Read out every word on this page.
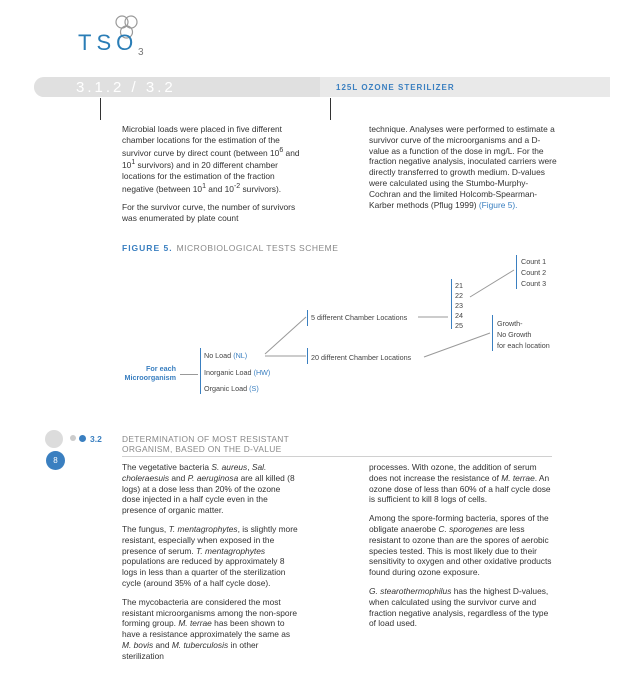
TSO 3
3.1.2 / 3.2	125L OZONE STERILIZER

Microbial loads were placed in five different chamber locations for the estimation of the survivor curve by direct count (between $10^6$ and $10^1$ survivors) and in 20 different chamber locations for the estimation of the fraction negative (between $10^1$ and $10^{-2}$ survivors).

For the survivor curve, the number of survivors was enumerated by plate count

technique. Analyses were performed to estimate a survivor curve of the microorganisms and a D-value as a function of the dose in mg/L. For the fraction negative analysis, inoculated carriers were directly transferred to growth medium. D-values were calculated using the Stumbo-Murphy-Cochran and the limited Holcomb-Spearman-Karber methods (Pflug 1999) (Figure 5).

FIGURE 5. MICROBIOLOGICAL TESTS SCHEME
For each
Microorganism
No Load (NL)
Inorganic Load (HW)
Organic Load (S)
5 different Chamber Locations
20 different Chamber Locations
21
22
23
24
25
Count 1
Count 2
Count 3
Growth-
No Growth
for each location
3.2 DETERMINATION OF MOST RESISTANT
ORGANISM, BASED ON THE D-VALUE
8

The vegetative bacteria S. aureus, Sal. choleraesuis and P. aeruginosa are all killed (8 logs) at a dose less than 20% of the ozone dose injected in a half cycle even in the presence of organic matter.

The fungus, T. mentagrophytes, is slightly more resistant, especially when exposed in the presence of serum. T. mentagrophytes populations are reduced by approximately 8 logs in less than a quarter of the sterilization cycle (around 35% of a half cycle dose).

The mycobacteria are considered the most resistant microorganisms among the non-spore forming group. M. terrae has been shown to have a resistance approximately the same as M. bovis and M. tuberculosis in other sterilization

processes. With ozone, the addition of serum does not increase the resistance of M. terrae. An ozone dose of less than 60% of a half cycle dose is sufficient to kill 8 logs of cells.

Among the spore-forming bacteria, spores of the obligate anaerobe C. sporogenes are less resistant to ozone than are the spores of aerobic species tested. This is most likely due to their sensitivity to oxygen and other oxidative products found during ozone exposure.

G. stearothermophilus has the highest D-values, when calculated using the survivor curve and fraction negative analysis, regardless of the type of load used.
